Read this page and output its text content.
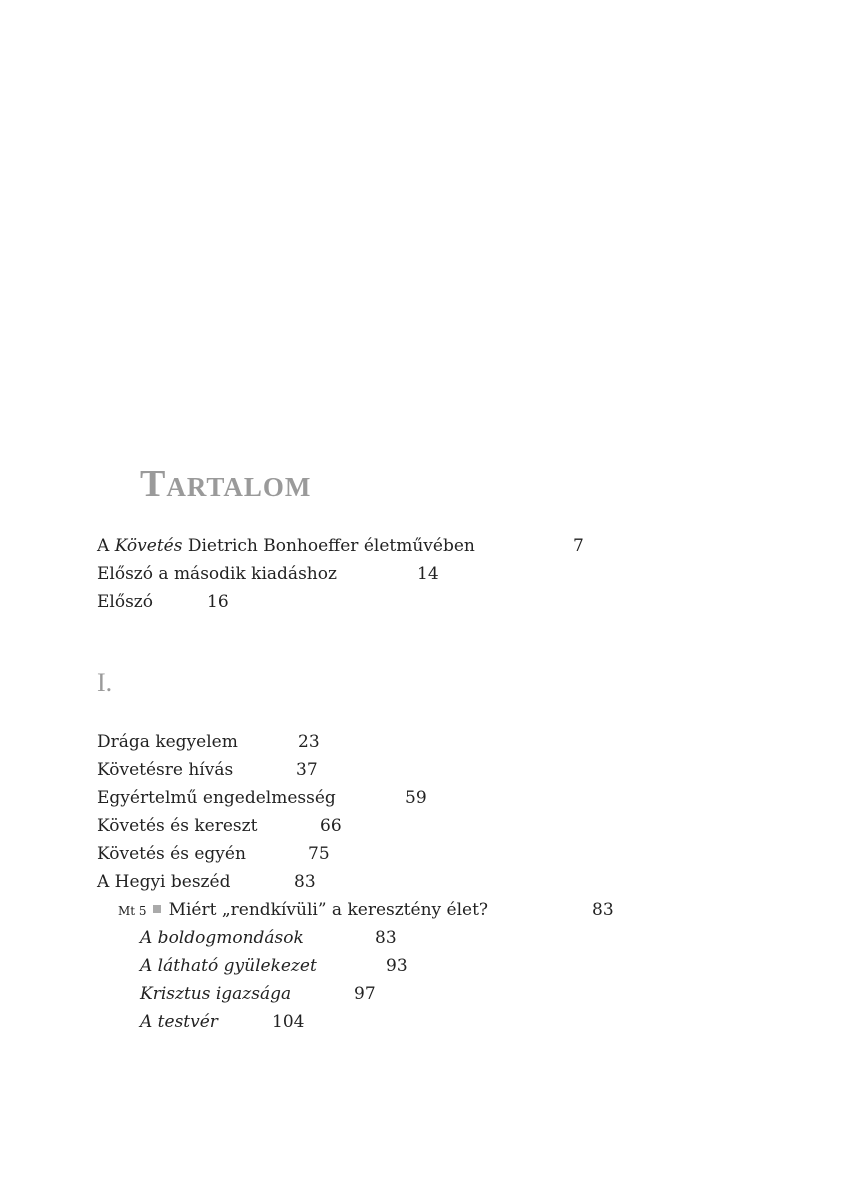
TARTALOM
A Követés Dietrich Bonhoeffer életművében	7
Előszó a második kiadáshoz	14
Előszó	16
I.
Drága kegyelem	23
Követésre hívás	37
Egyértelmű engedelmesség	59
Követés és kereszt	66
Követés és egyén	75
A Hegyi beszéd	83
Mt 5 Miért „rendkívüli” a keresztény élet?	83
A boldogmondások	83
A látható gyülekezet	93
Krisztus igazsága	97
A testvér	104
